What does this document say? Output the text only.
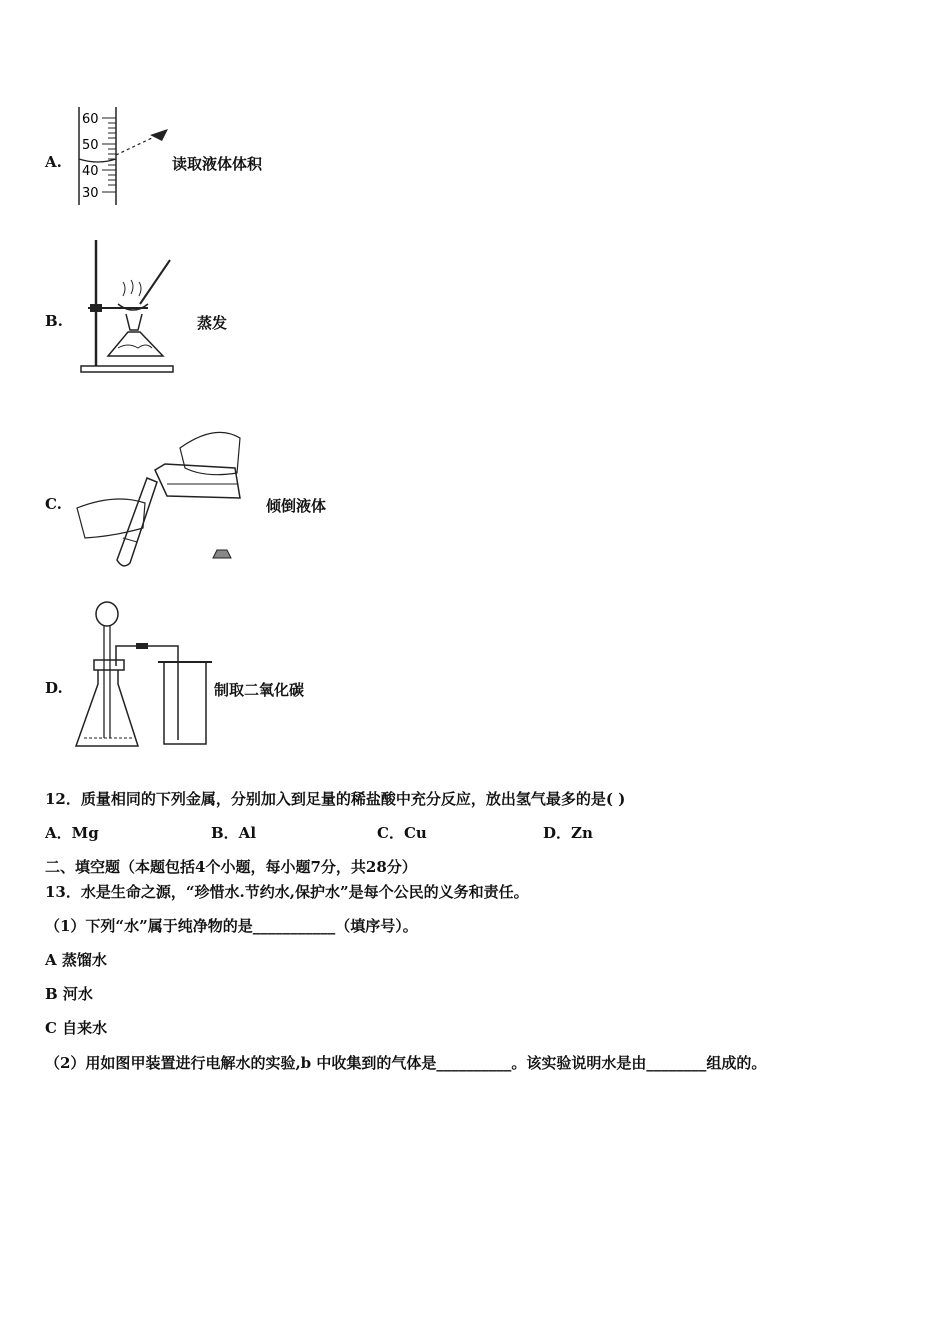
A.
60
50
40
30
读取液体体积
B.	蒸发
C.	倾倒液体
D.	制取二氧化碳
12．质量相同的下列金属，分别加入到足量的稀盐酸中充分反应，放出氢气最多的是( )
A．Mg	B．Al	C．Cu	D．Zn
二、填空题（本题包括4个小题，每小题7分，共28分）
13．水是生命之源，“珍惜水.节约水,保护水”是每个公民的义务和责任。
（1）下列“水”属于纯净物的是___________（填序号）。
A 蒸馏水
B 河水
C 自来水
（2）用如图甲装置进行电解水的实验,b 中收集到的气体是__________。该实验说明水是由________组成的。
